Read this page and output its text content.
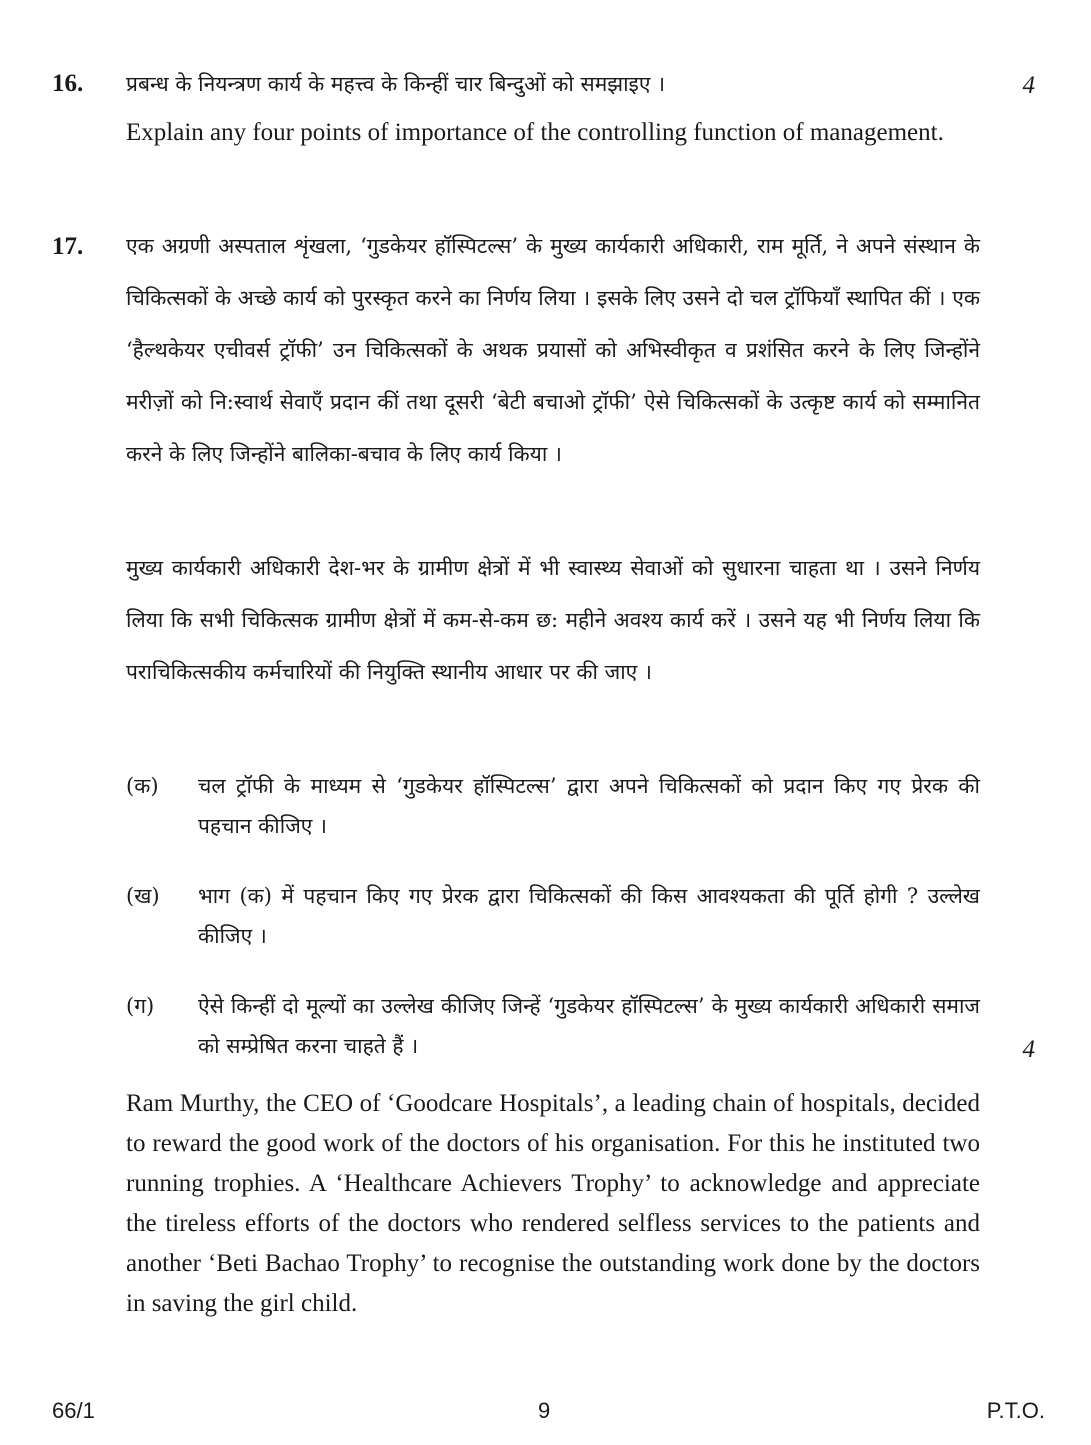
16.	4

प्रबन्ध के नियन्त्रण कार्य के महत्त्व के किन्हीं चार बिन्दुओं को समझाइए ।

Explain any four points of importance of the controlling function of management.

17. एक अग्रणी अस्पताल शृंखला, ‘गुडकेयर हॉस्पिटल्स’ के मुख्य कार्यकारी अधिकारी, राम मूर्ति, ने अपने संस्थान के चिकित्सकों के अच्छे कार्य को पुरस्कृत करने का निर्णय लिया । इसके लिए उसने दो चल ट्रॉफियाँ स्थापित कीं । एक ‘हैल्थकेयर एचीवर्स ट्रॉफी’ उन चिकित्सकों के अथक प्रयासों को अभिस्वीकृत व प्रशंसित करने के लिए जिन्होंने मरीज़ों को नि:स्वार्थ सेवाएँ प्रदान कीं तथा दूसरी ‘बेटी बचाओ ट्रॉफी’ ऐसे चिकित्सकों के उत्कृष्ट कार्य को सम्मानित करने के लिए जिन्होंने बालिका-बचाव के लिए कार्य किया ।

मुख्य कार्यकारी अधिकारी देश-भर के ग्रामीण क्षेत्रों में भी स्वास्थ्य सेवाओं को सुधारना चाहता था । उसने निर्णय लिया कि सभी चिकित्सक ग्रामीण क्षेत्रों में कम-से-कम छ: महीने अवश्य कार्य करें । उसने यह भी निर्णय लिया कि पराचिकित्सकीय कर्मचारियों की नियुक्ति स्थानीय आधार पर की जाए ।

(क) चल ट्रॉफी के माध्यम से ‘गुडकेयर हॉस्पिटल्स’ द्वारा अपने चिकित्सकों को प्रदान किए गए प्रेरक की पहचान कीजिए ।

(ख) भाग (क) में पहचान किए गए प्रेरक द्वारा चिकित्सकों की किस आवश्यकता की पूर्ति होगी ? उल्लेख कीजिए ।

(ग) ऐसे किन्हीं दो मूल्यों का उल्लेख कीजिए जिन्हें ‘गुडकेयर हॉस्पिटल्स’ के मुख्य कार्यकारी अधिकारी समाज को सम्प्रेषित करना चाहते हैं ।	4

Ram Murthy, the CEO of ‘Goodcare Hospitals’, a leading chain of hospitals, decided to reward the good work of the doctors of his organisation. For this he instituted two running trophies. A ‘Healthcare Achievers Trophy’ to acknowledge and appreciate the tireless efforts of the doctors who rendered selfless services to the patients and another ‘Beti Bachao Trophy’ to recognise the outstanding work done by the doctors in saving the girl child.

66/1	9	P.T.O.
